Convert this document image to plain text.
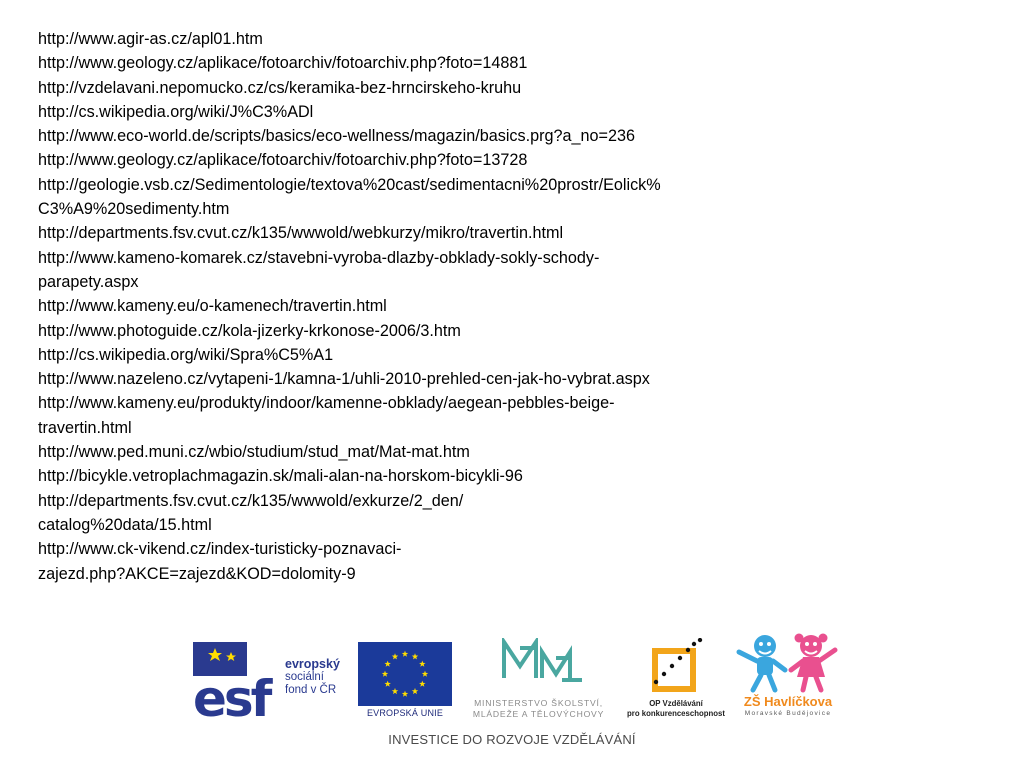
http://www.agir-as.cz/apl01.htm
http://www.geology.cz/aplikace/fotoarchiv/fotoarchiv.php?foto=14881
http://vzdelavani.nepomucko.cz/cs/keramika-bez-hrncirskeho-kruhu
http://cs.wikipedia.org/wiki/J%C3%ADl
http://www.eco-world.de/scripts/basics/eco-wellness/magazin/basics.prg?a_no=236
http://www.geology.cz/aplikace/fotoarchiv/fotoarchiv.php?foto=13728
http://geologie.vsb.cz/Sedimentologie/textova%20cast/sedimentacni%20prostr/Eolick%
C3%A9%20sedimenty.htm
http://departments.fsv.cvut.cz/k135/wwwold/webkurzy/mikro/travertin.html
http://www.kameno-komarek.cz/stavebni-vyroba-dlazby-obklady-sokly-schody-
parapety.aspx
http://www.kameny.eu/o-kamenech/travertin.html
http://www.photoguide.cz/kola-jizerky-krkonose-2006/3.htm
http://cs.wikipedia.org/wiki/Spra%C5%A1
http://www.nazeleno.cz/vytapeni-1/kamna-1/uhli-2010-prehled-cen-jak-ho-vybrat.aspx
http://www.kameny.eu/produkty/indoor/kamenne-obklady/aegean-pebbles-beige-
travertin.html
http://www.ped.muni.cz/wbio/studium/stud_mat/Mat-mat.htm
http://bicykle.vetroplachmagazin.sk/mali-alan-na-horskom-bicykli-96
http://departments.fsv.cvut.cz/k135/wwwold/exkurze/2_den/
catalog%20data/15.html
http://www.ck-vikend.cz/index-turisticky-poznavaci-
zajezd.php?AKCE=zajezd&KOD=dolomity-9
esf
evropský
sociální
fond v ČR
EVROPSKÁ UNIE
MINISTERSTVO ŠKOLSTVÍ,
MLÁDEŽE A TĚLOVÝCHOVY
OP Vzdělávání
pro konkurenceschopnost
ZŠ Havlíčkova
Moravské Budějovice
INVESTICE DO ROZVOJE VZDĚLÁVÁNÍ
